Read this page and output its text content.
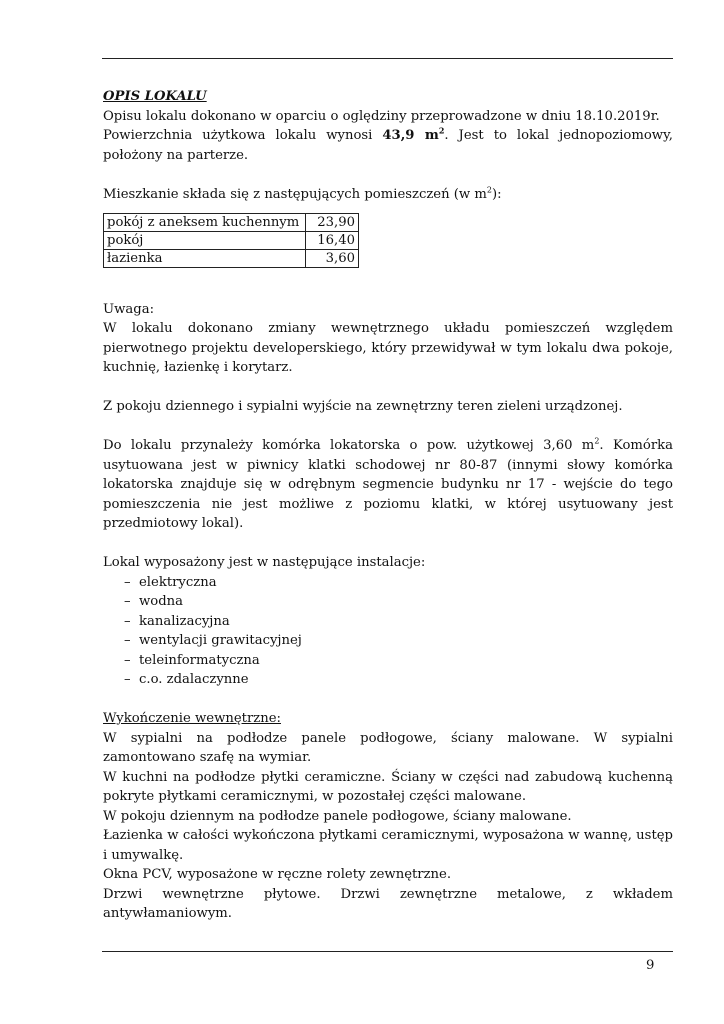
OPIS LOKALU

Opisu lokalu dokonano w oparciu o oględziny przeprowadzone w dniu 18.10.2019r.

Powierzchnia użytkowa lokalu wynosi 43,9 $m^2$. Jest to lokal jednopoziomowy, położony na parterze.

Mieszkanie składa się z następujących pomieszczeń (w $m^2$):

pokój z aneksem kuchennym	23,90
pokój	16,40
łazienka	3,60

Uwaga:

W lokalu dokonano zmiany wewnętrznego układu pomieszczeń względem pierwotnego projektu developerskiego, który przewidywał w tym lokalu dwa pokoje, kuchnię, łazienkę i korytarz.

Z pokoju dziennego i sypialni wyjście na zewnętrzny teren zieleni urządzonej.

Do lokalu przynależy komórka lokatorska o pow. użytkowej 3,60 $m^2$. Komórka usytuowana jest w piwnicy klatki schodowej nr 80-87 (innymi słowy komórka lokatorska znajduje się w odrębnym segmencie budynku nr 17 - wejście do tego pomieszczenia nie jest możliwe z poziomu klatki, w której usytuowany jest przedmiotowy lokal).

Lokal wyposażony jest w następujące instalacje:

– elektryczna
– wodna
– kanalizacyjna
– wentylacji grawitacyjnej
– teleinformatyczna
– c.o. zdalaczynne

Wykończenie wewnętrzne:

W sypialni na podłodze panele podłogowe, ściany malowane. W sypialni zamontowano szafę na wymiar.

W kuchni na podłodze płytki ceramiczne. Ściany w części nad zabudową kuchenną pokryte płytkami ceramicznymi, w pozostałej części malowane.

W pokoju dziennym na podłodze panele podłogowe, ściany malowane.

Łazienka w całości wykończona płytkami ceramicznymi, wyposażona w wannę, ustęp i umywalkę.

Okna PCV, wyposażone w ręczne rolety zewnętrzne.

Drzwi wewnętrzne płytowe. Drzwi zewnętrzne metalowe, z wkładem antywłamaniowym.

9
